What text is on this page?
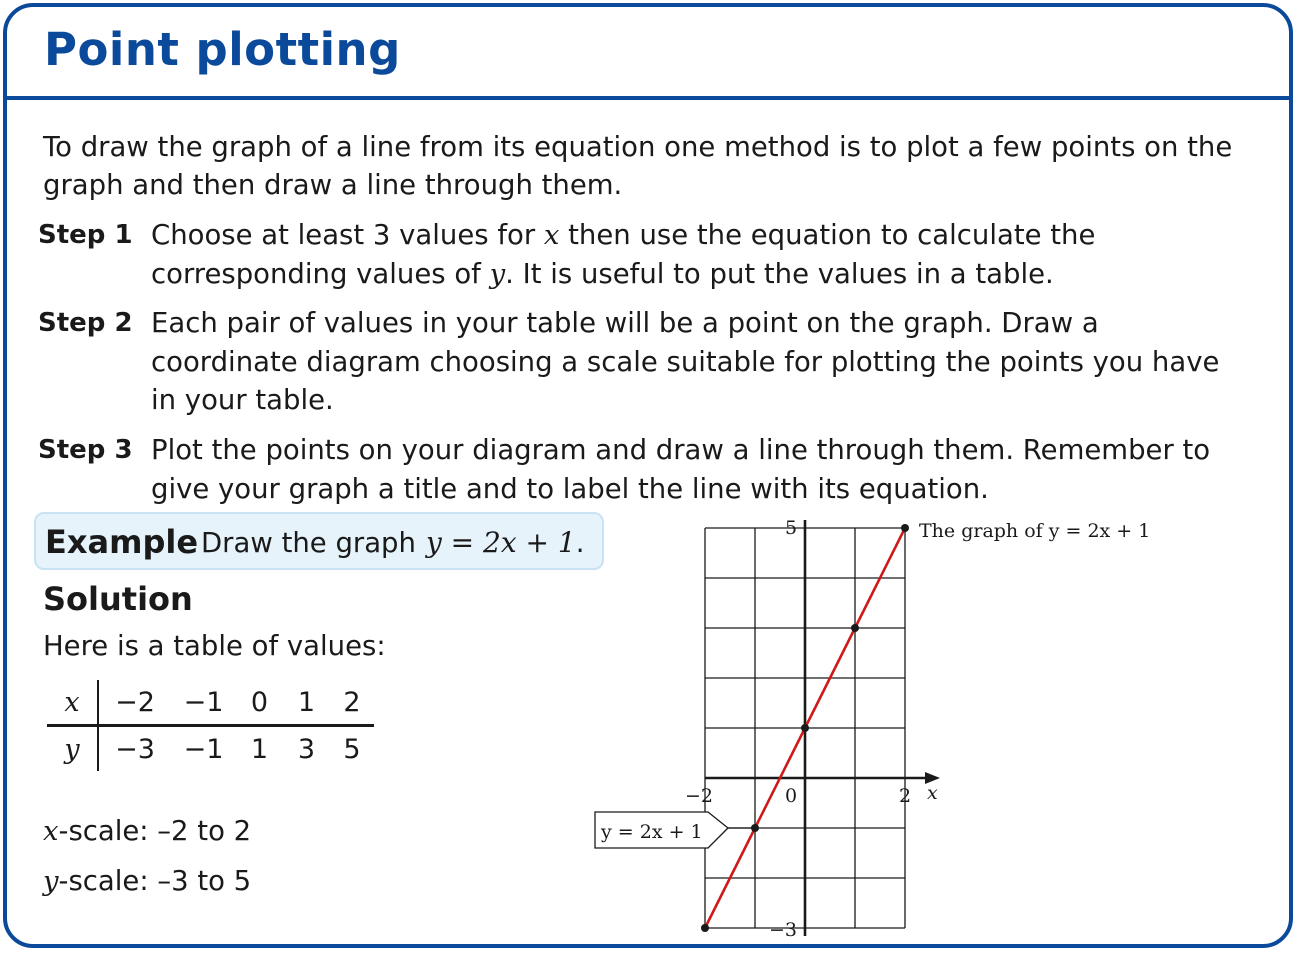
Point plotting

To draw the graph of a line from its equation one method is to plot a few points on the graph and then draw a line through them.

Step 1 Choose at least 3 values for x then use the equation to calculate the corresponding values of y. It is useful to put the values in a table.

Step 2 Each pair of values in your table will be a point on the graph. Draw a coordinate diagram choosing a scale suitable for plotting the points you have in your table.

Step 3 Plot the points on your diagram and draw a line through them. Remember to give your graph a title and to label the line with its equation.

Example Draw the graph y = 2x + 1.
Solution

Here is a table of values:

x	−2	−1	0	1	2
y	−3	−1	1	3	5

x-scale: –2 to 2

y-scale: –3 to 5

−2	0	2
5
−3
x
The graph of y = 2x + 1
y = 2x + 1
